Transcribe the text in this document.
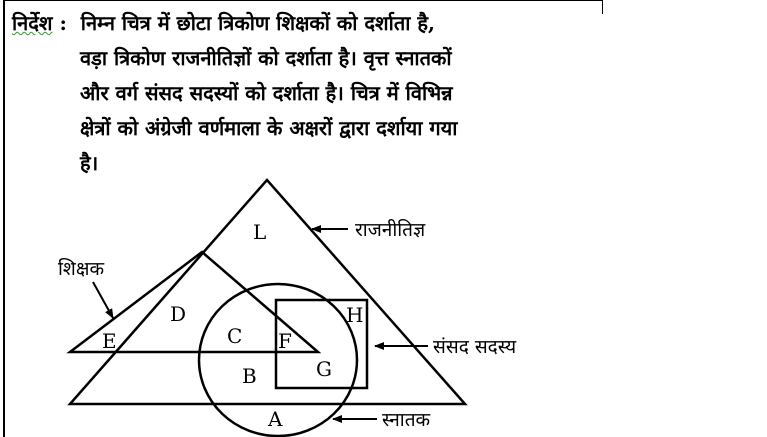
निर्देश : निम्न चित्र में छोटा त्रिकोण शिक्षकों को दर्शाता है,
वड़ा त्रिकोण राजनीतिज्ञों को दर्शाता है। वृत्त स्नातकों
और वर्ग संसद सदस्यों को दर्शाता है। चित्र में विभिन्न
क्षेत्रों को अंग्रेजी वर्णमाला के अक्षरों द्वारा दर्शाया गया
है।
L
D
C F
H
E
B	G
A
राजनीतिज्ञ
शिक्षक
संसद सदस्य
स्नातक
